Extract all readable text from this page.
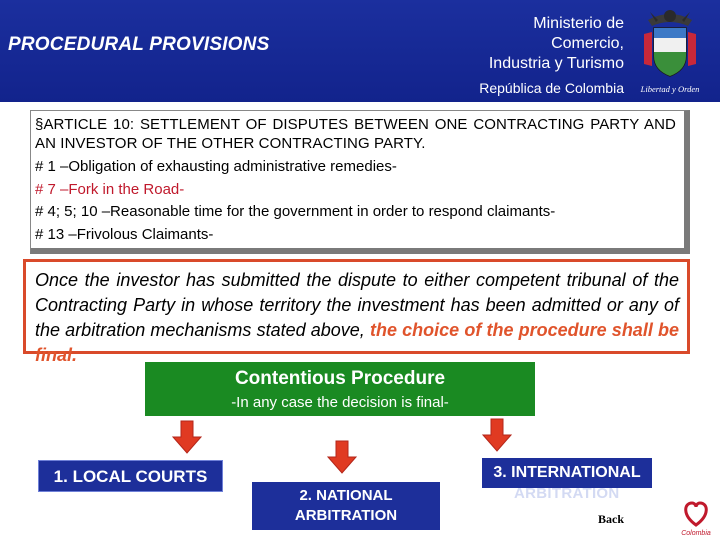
PROCEDURAL PROVISIONS
Ministerio de
Comercio,
Industria y Turismo
República de Colombia Libertad y Orden
§ARTICLE 10: SETTLEMENT OF DISPUTES BETWEEN ONE CONTRACTING PARTY AND AN INVESTOR OF THE OTHER CONTRACTING PARTY.
# 1 –Obligation of exhausting administrative remedies-
# 7 –Fork in the Road-
# 4; 5; 10 –Reasonable time for the government in order to respond claimants-
# 13 –Frivolous Claimants-
Once the investor has submitted the dispute to either competent tribunal of the Contracting Party in whose territory the investment has been admitted or any of the arbitration mechanisms stated above, the choice of the procedure shall be final.
Contentious Procedure
-In any case the decision is final-
1. LOCAL COURTS
2. NATIONAL
ARBITRATION
3. INTERNATIONAL
ARBITRATION
Back
Colombia
